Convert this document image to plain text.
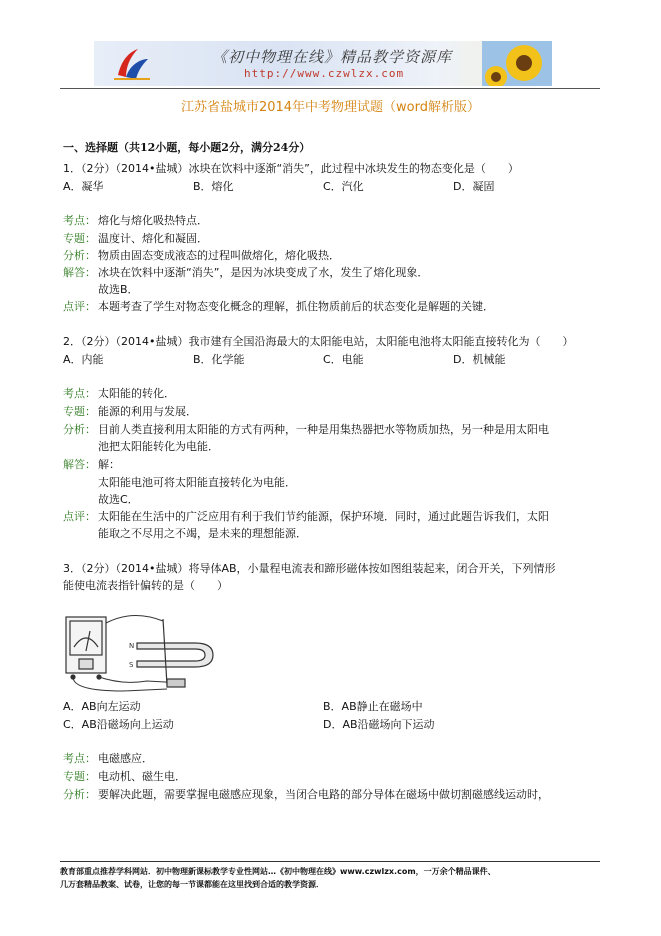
《初中物理在线》精品教学资源库
http://www.czwlzx.com
江苏省盐城市2014年中考物理试题（word解析版）
一、选择题（共12小题，每小题2分，满分24分）
1．（2分）（2014•盐城）冰块在饮料中逐渐“消失”，此过程中冰块发生的物态变化是（　　）
A．凝华	B．熔化	C．汽化	D．凝固
考点： 熔化与熔化吸热特点．
专题： 温度计、熔化和凝固．
分析： 物质由固态变成液态的过程叫做熔化，熔化吸热．
解答： 冰块在饮料中逐渐“消失”，是因为冰块变成了水，发生了熔化现象．
故选B．
点评： 本题考查了学生对物态变化概念的理解，抓住物质前后的状态变化是解题的关键．
2．（2分）（2014•盐城）我市建有全国沿海最大的太阳能电站，太阳能电池将太阳能直接转化为（　　）
A．内能	B．化学能	C．电能	D．机械能
考点： 太阳能的转化．
专题： 能源的利用与发展．
分析： 目前人类直接利用太阳能的方式有两种，一种是用集热器把水等物质加热，另一种是用太阳电
池把太阳能转化为电能．
解答： 解：
太阳能电池可将太阳能直接转化为电能．
故选C．
点评： 太阳能在生活中的广泛应用有利于我们节约能源，保护环境．同时，通过此题告诉我们，太阳
能取之不尽用之不竭，是未来的理想能源．
3．（2分）（2014•盐城）将导体AB，小量程电流表和蹄形磁体按如图组装起来，闭合开关，下列情形
能使电流表指针偏转的是（　　）
N
S
A．AB向左运动	B．AB静止在磁场中
C．AB沿磁场向上运动	D．AB沿磁场向下运动
考点： 电磁感应．
专题： 电动机、磁生电．
分析： 要解决此题，需要掌握电磁感应现象，当闭合电路的部分导体在磁场中做切割磁感线运动时，
教育部重点推荐学科网站．初中物理新课标教学专业性网站…《初中物理在线》www.czwlzx.com，一万余个精品课件、
几万套精品教案、试卷，让您的每一节课都能在这里找到合适的教学资源．
